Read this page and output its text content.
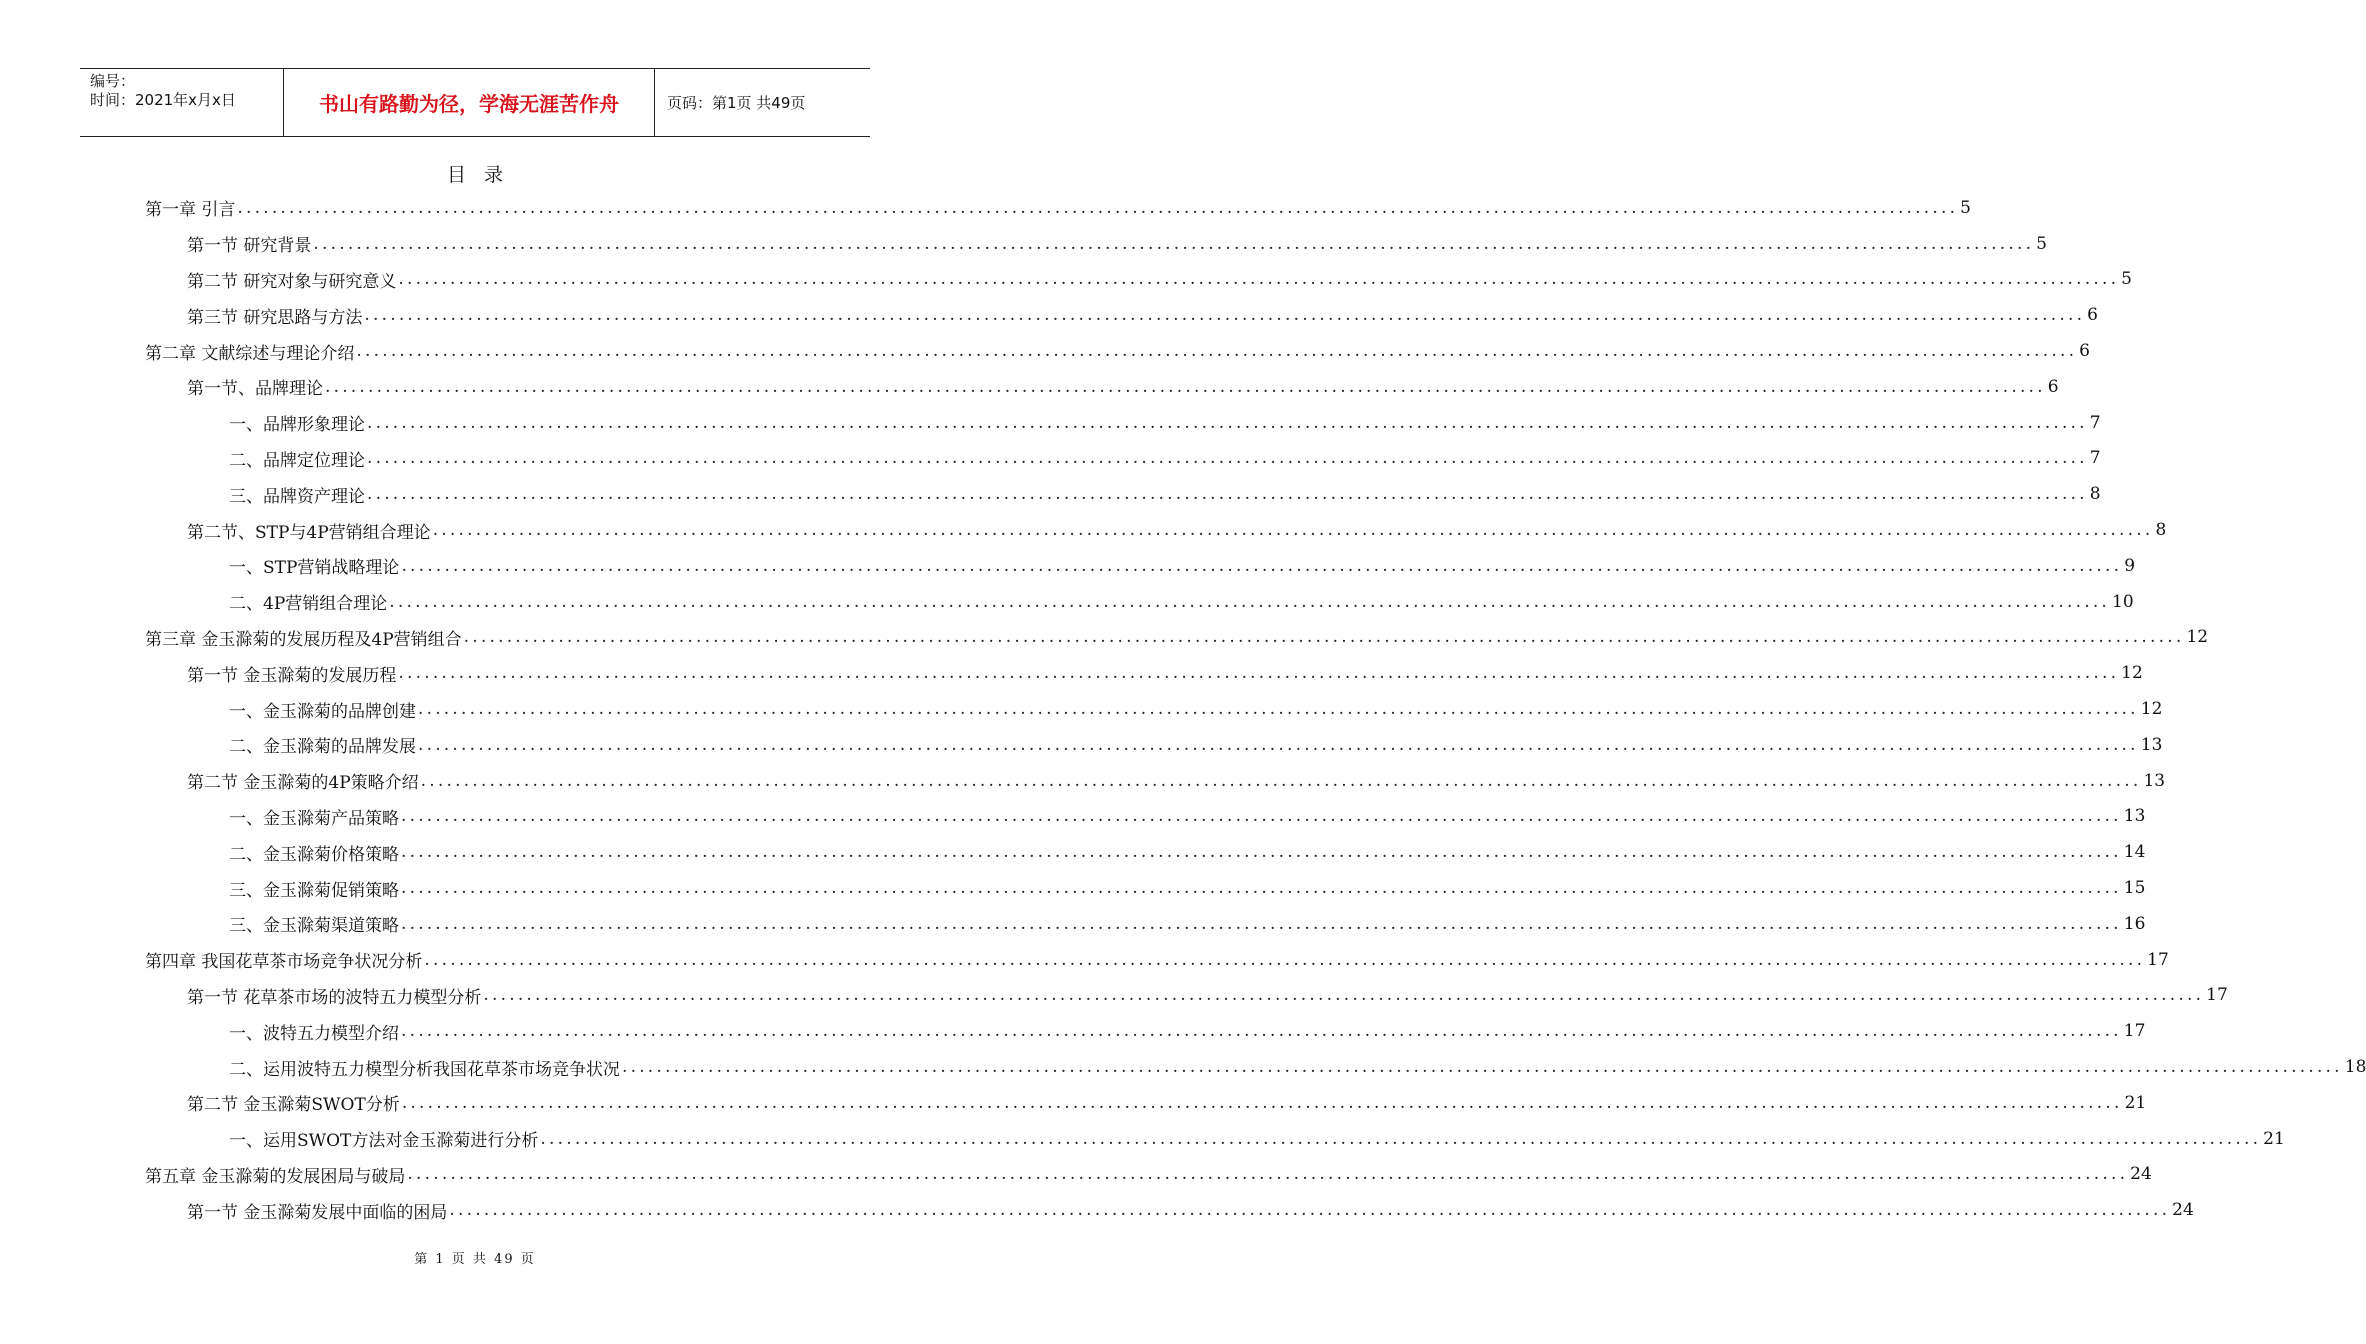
编号：
时间：2021年x月x日	书山有路勤为径，学海无涯苦作舟	页码：第1页 共49页
目录
第一章 引言 ........................................................................................................................................................................................................ 5
第一节 研究背景 ........................................................................................................................................................................................................ 5
第二节 研究对象与研究意义 ........................................................................................................................................................................................................ 5
第三节 研究思路与方法 ........................................................................................................................................................................................................ 6
第二章 文献综述与理论介绍 ........................................................................................................................................................................................................ 6
第一节、品牌理论 ........................................................................................................................................................................................................ 6
一、品牌形象理论 ........................................................................................................................................................................................................ 7
二、品牌定位理论 ........................................................................................................................................................................................................ 7
三、品牌资产理论 ........................................................................................................................................................................................................ 8
第二节、STP与4P营销组合理论 ........................................................................................................................................................................................................ 8
一、STP营销战略理论 ........................................................................................................................................................................................................ 9
二、4P营销组合理论 ........................................................................................................................................................................................................ 10
第三章 金玉滁菊的发展历程及4P营销组合 ........................................................................................................................................................................................................ 12
第一节 金玉滁菊的发展历程 ........................................................................................................................................................................................................ 12
一、金玉滁菊的品牌创建 ........................................................................................................................................................................................................ 12
二、金玉滁菊的品牌发展 ........................................................................................................................................................................................................ 13
第二节 金玉滁菊的4P策略介绍 ........................................................................................................................................................................................................ 13
一、金玉滁菊产品策略 ........................................................................................................................................................................................................ 13
二、金玉滁菊价格策略 ........................................................................................................................................................................................................ 14
三、金玉滁菊促销策略 ........................................................................................................................................................................................................ 15
三、金玉滁菊渠道策略 ........................................................................................................................................................................................................ 16
第四章 我国花草茶市场竞争状况分析 ........................................................................................................................................................................................................ 17
第一节 花草茶市场的波特五力模型分析 ........................................................................................................................................................................................................ 17
一、波特五力模型介绍 ........................................................................................................................................................................................................ 17
二、运用波特五力模型分析我国花草茶市场竞争状况 ........................................................................................................................................................................................................ 18
第二节 金玉滁菊SWOT分析 ........................................................................................................................................................................................................ 21
一、运用SWOT方法对金玉滁菊进行分析 ........................................................................................................................................................................................................ 21
第五章 金玉滁菊的发展困局与破局 ........................................................................................................................................................................................................ 24
第一节 金玉滁菊发展中面临的困局 ........................................................................................................................................................................................................ 24
第 1 页 共 49 页
